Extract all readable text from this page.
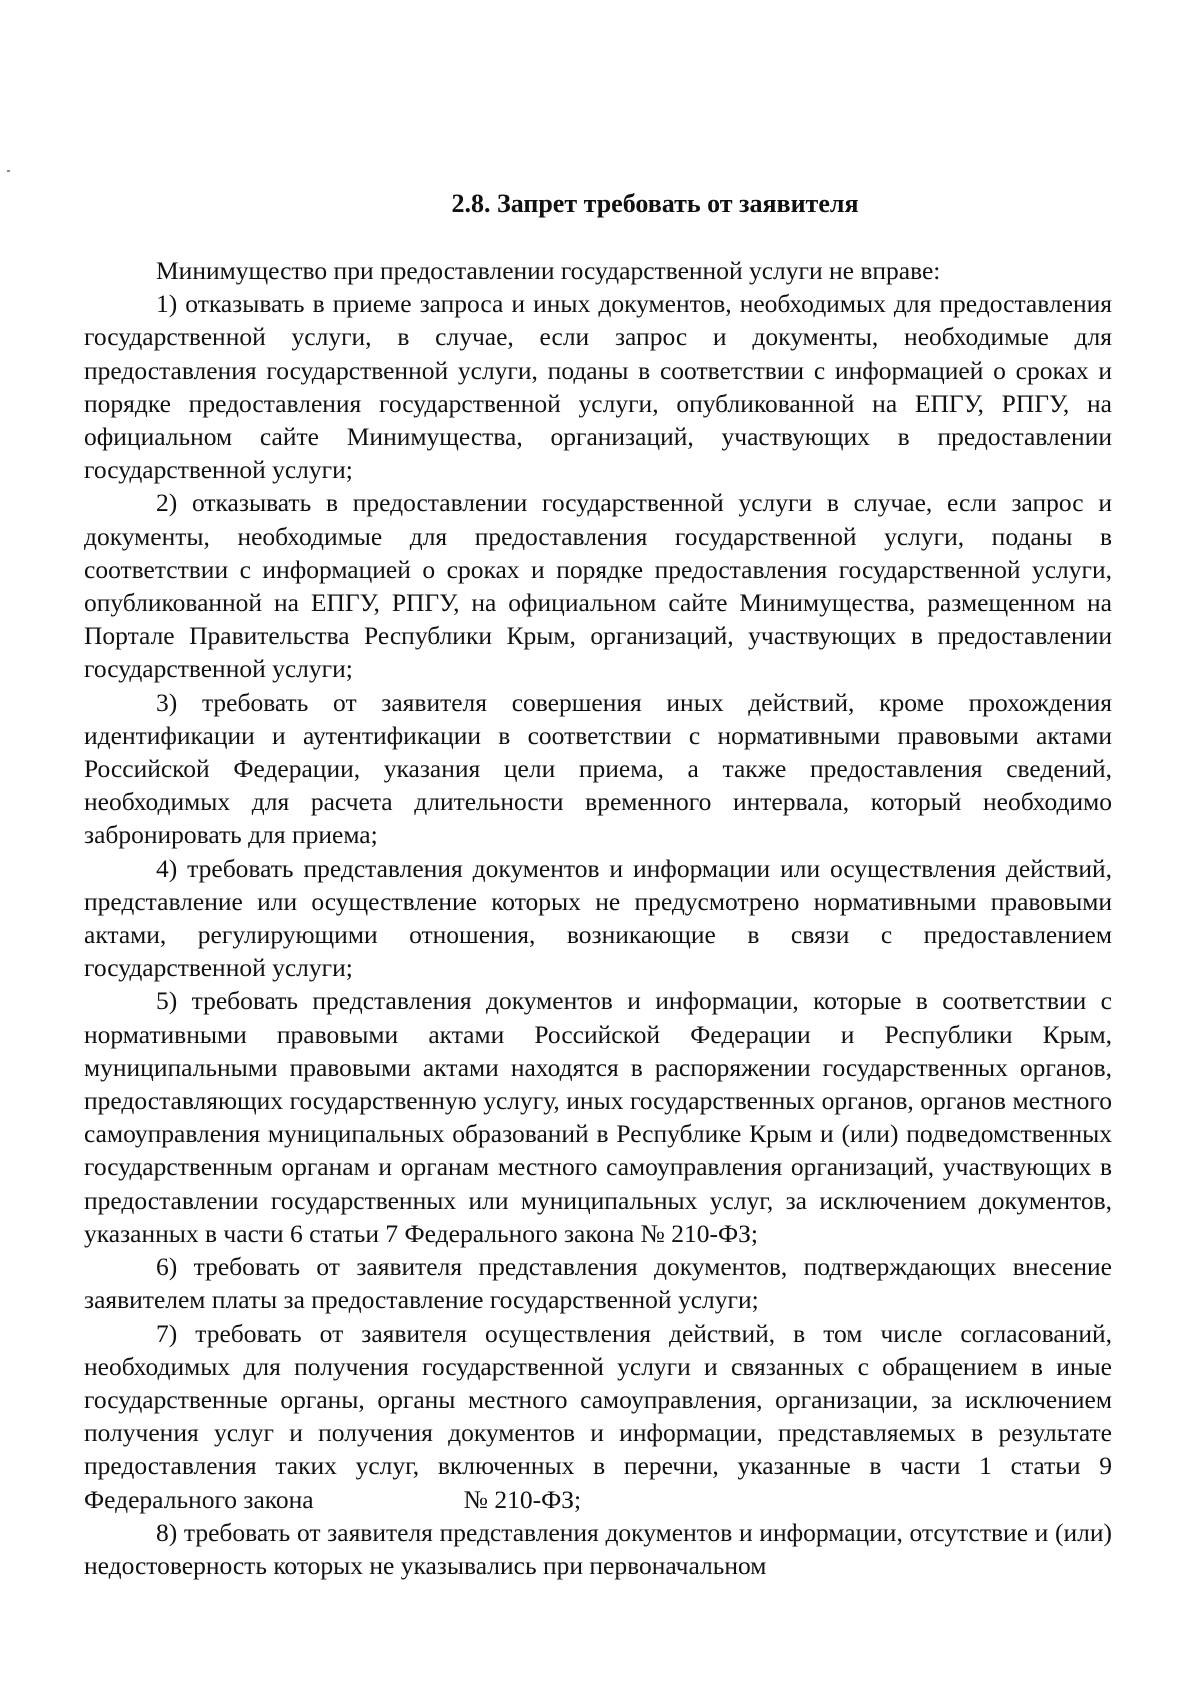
2.8. Запрет требовать от заявителя

Минимущество при предоставлении государственной услуги не вправе:

1) отказывать в приеме запроса и иных документов, необходимых для предоставления государственной услуги, в случае, если запрос и документы, необходимые для предоставления государственной услуги, поданы в соответствии с информацией о сроках и порядке предоставления государственной услуги, опубликованной на ЕПГУ, РПГУ, на официальном сайте Минимущества, организаций, участвующих в предоставлении государственной услуги;

2) отказывать в предоставлении государственной услуги в случае, если запрос и документы, необходимые для предоставления государственной услуги, поданы в соответствии с информацией о сроках и порядке предоставления государственной услуги, опубликованной на ЕПГУ, РПГУ, на официальном сайте Минимущества, размещенном на Портале Правительства Республики Крым, организаций, участвующих в предоставлении государственной услуги;

3) требовать от заявителя совершения иных действий, кроме прохождения идентификации и аутентификации в соответствии с нормативными правовыми актами Российской Федерации, указания цели приема, а также предоставления сведений, необходимых для расчета длительности временного интервала, который необходимо забронировать для приема;

4) требовать представления документов и информации или осуществления действий, представление или осуществление которых не предусмотрено нормативными правовыми актами, регулирующими отношения, возникающие в связи с предоставлением государственной услуги;

5) требовать представления документов и информации, которые в соответствии с нормативными правовыми актами Российской Федерации и Республики Крым, муниципальными правовыми актами находятся в распоряжении государственных органов, предоставляющих государственную услугу, иных государственных органов, органов местного самоуправления муниципальных образований в Республике Крым и (или) подведомственных государственным органам и органам местного самоуправления организаций, участвующих в предоставлении государственных или муниципальных услуг, за исключением документов, указанных в части 6 статьи 7 Федерального закона № 210-ФЗ;

6) требовать от заявителя представления документов, подтверждающих внесение заявителем платы за предоставление государственной услуги;

7) требовать от заявителя осуществления действий, в том числе согласований, необходимых для получения государственной услуги и связанных с обращением в иные государственные органы, органы местного самоуправления, организации, за исключением получения услуг и получения документов и информации, представляемых в результате предоставления таких услуг, включенных в перечни, указанные в части 1 статьи 9 Федерального закона	№ 210-ФЗ;

8) требовать от заявителя представления документов и информации, отсутствие и (или) недостоверность которых не указывались при первоначальном
